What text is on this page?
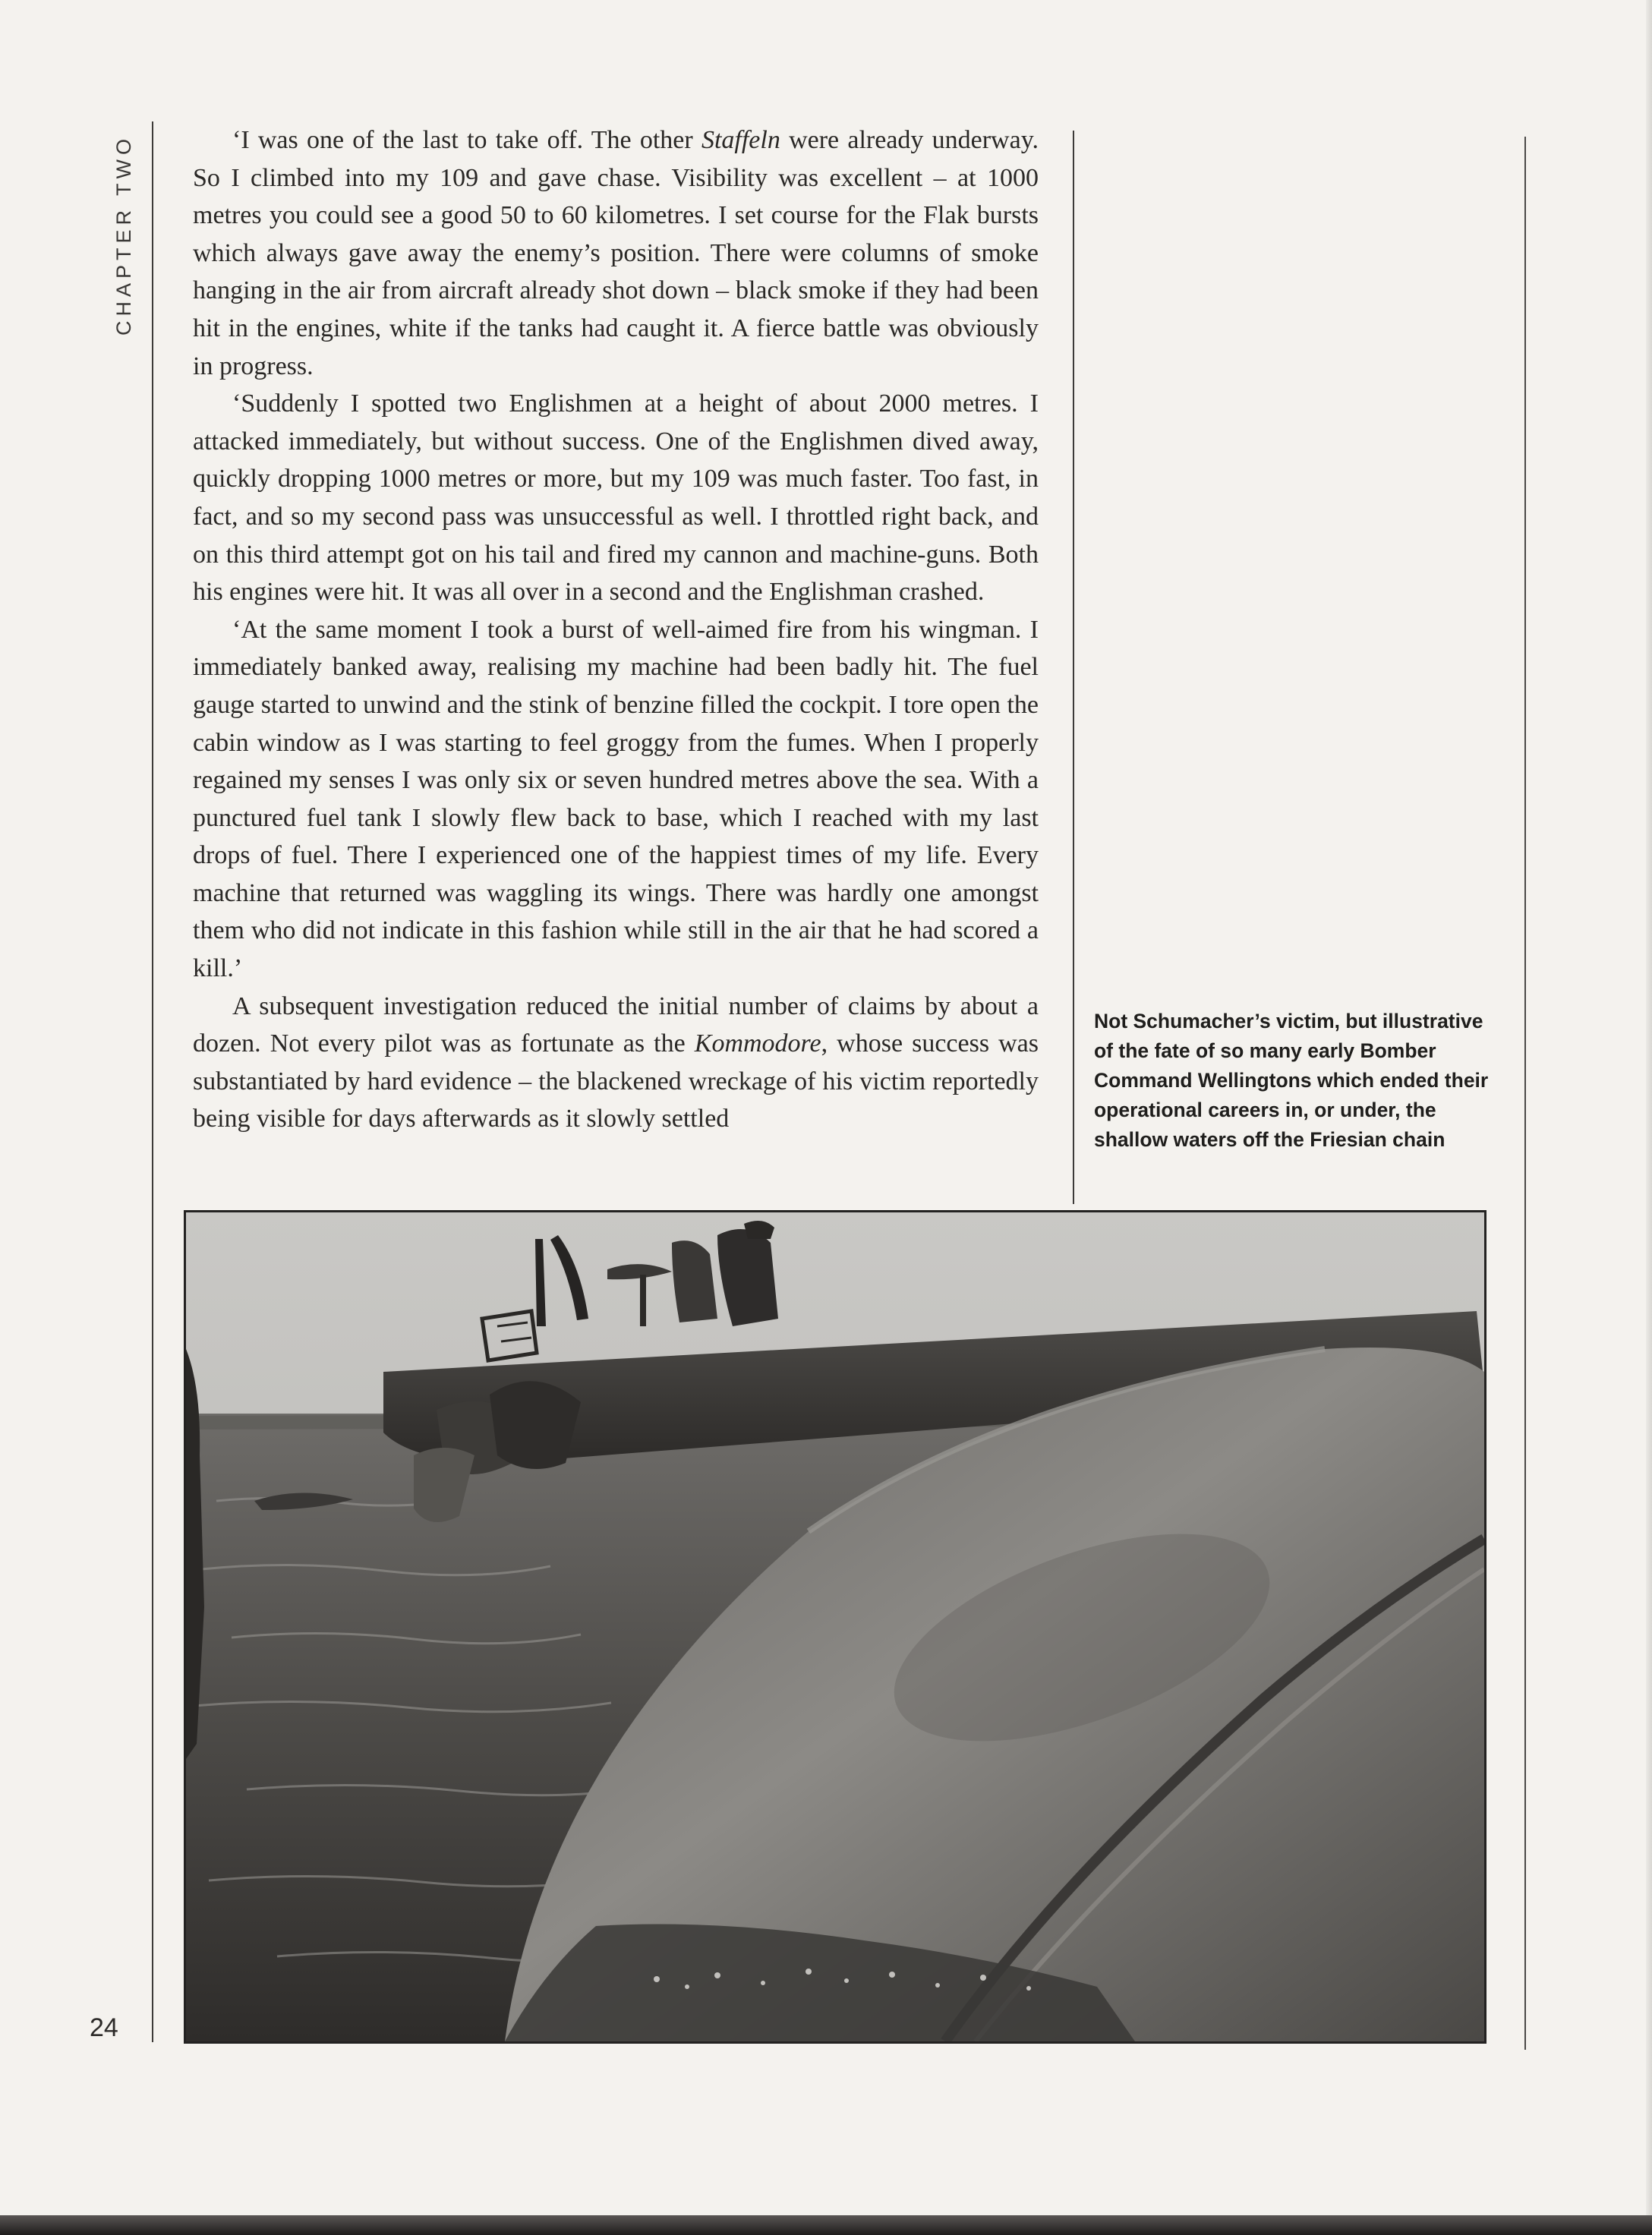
CHAPTER TWO	‘I was one of the last to take off. The other Staffeln were already underway. So I climbed into my 109 and gave chase. Visibility was excellent – at 1000 metres you could see a good 50 to 60 kilometres. I set course for the Flak bursts which always gave away the enemy’s position. There were columns of smoke hanging in the air from aircraft already shot down – black smoke if they had been hit in the engines, white if the tanks had caught it. A fierce battle was obviously in progress.

‘Suddenly I spotted two Englishmen at a height of about 2000 metres. I attacked immediately, but without success. One of the Englishmen dived away, quickly dropping 1000 metres or more, but my 109 was much faster. Too fast, in fact, and so my second pass was unsuccessful as well. I throttled right back, and on this third attempt got on his tail and fired my cannon and machine-guns. Both his engines were hit. It was all over in a second and the Englishman crashed.

‘At the same moment I took a burst of well-aimed fire from his wingman. I immediately banked away, realising my machine had been badly hit. The fuel gauge started to unwind and the stink of benzine filled the cockpit. I tore open the cabin window as I was starting to feel groggy from the fumes. When I properly regained my senses I was only six or seven hundred metres above the sea. With a punctured fuel tank I slowly flew back to base, which I reached with my last drops of fuel. There I experienced one of the happiest times of my life. Every machine that returned was waggling its wings. There was hardly one amongst them who did not indicate in this fashion while still in the air that he had scored a kill.’

A subsequent investigation reduced the initial number of claims by about a dozen. Not every pilot was as fortunate as the Kommodore, whose success was substantiated by hard evidence – the blackened wreckage of his victim reportedly being visible for days afterwards as it slowly settled

Not Schumacher’s victim, but illustrative of the fate of so many early Bomber Command Wellingtons which ended their operational careers in, or under, the shallow waters off the Friesian chain
24
